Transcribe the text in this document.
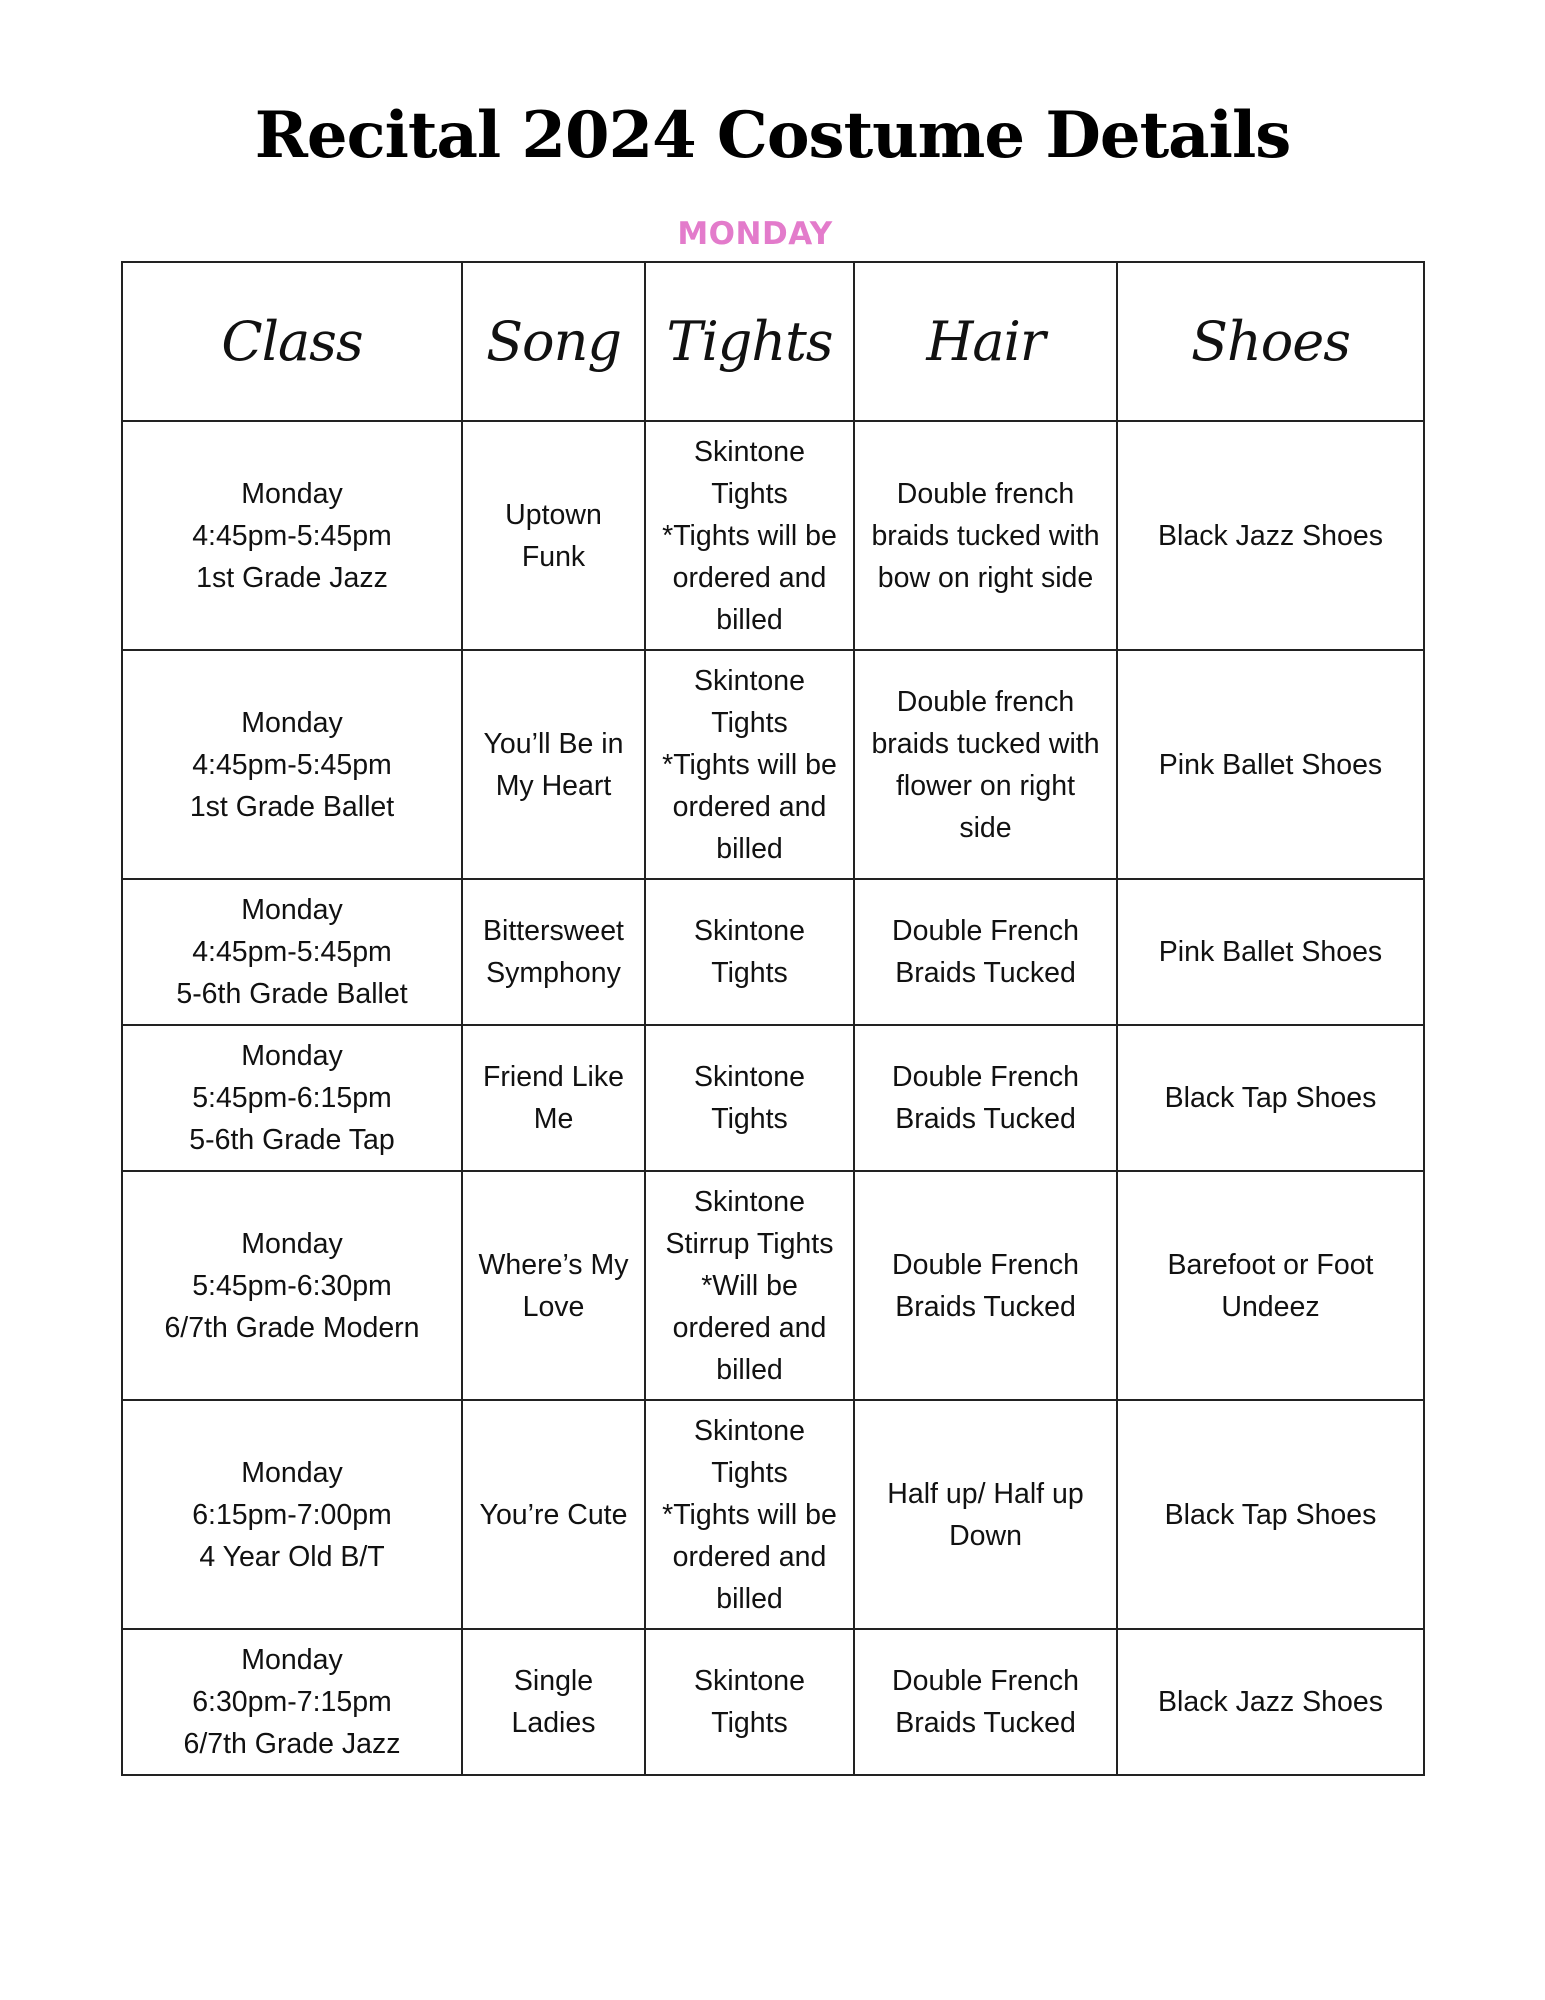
Recital 2024 Costume Details
MONDAY
Class	Song	Tights	Hair	Shoes

Monday
4:45pm-5:45pm
1st Grade Jazz	Uptown
Funk	Skintone
Tights
*Tights will be
ordered and
billed	Double french
braids tucked with
bow on right side	Black Jazz Shoes

Monday
4:45pm-5:45pm
1st Grade Ballet	You’ll Be in
My Heart	Skintone
Tights
*Tights will be
ordered and
billed	Double french
braids tucked with
flower on right
side	Pink Ballet Shoes

Monday
4:45pm-5:45pm
5-6th Grade Ballet	Bittersweet
Symphony	Skintone
Tights	Double French
Braids Tucked	Pink Ballet Shoes

Monday
5:45pm-6:15pm
5-6th Grade Tap	Friend Like
Me	Skintone
Tights	Double French
Braids Tucked	Black Tap Shoes

Monday
5:45pm-6:30pm
6/7th Grade Modern	Where’s My
Love	Skintone
Stirrup Tights
*Will be
ordered and
billed	Double French
Braids Tucked	Barefoot or Foot
Undeez

Monday
6:15pm-7:00pm
4 Year Old B/T	You’re Cute	Skintone
Tights
*Tights will be
ordered and
billed	Half up/ Half up
Down	Black Tap Shoes

Monday
6:30pm-7:15pm
6/7th Grade Jazz	Single
Ladies	Skintone
Tights	Double French
Braids Tucked	Black Jazz Shoes
